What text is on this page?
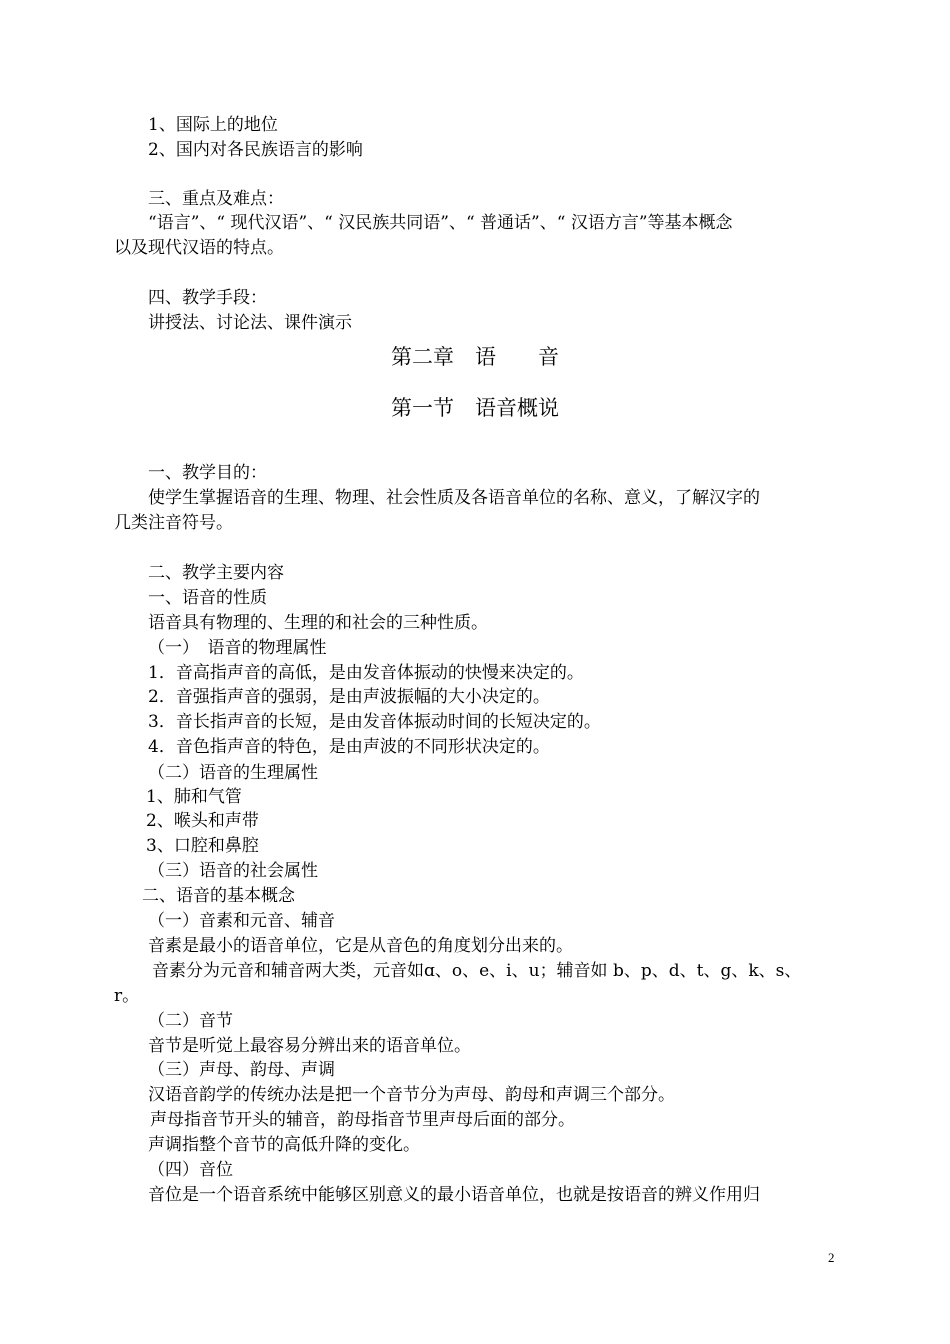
1、国际上的地位
2、国内对各民族语言的影响
三、重点及难点：
“语言”、“ 现代汉语”、“ 汉民族共同语”、“ 普通话”、“ 汉语方言”等基本概念
以及现代汉语的特点。
四、教学手段：
讲授法、讨论法、课件演示
第二章　语　　音
第一节　语音概说
一、教学目的：
使学生掌握语音的生理、物理、社会性质及各语音单位的名称、意义，了解汉字的
几类注音符号。
二、教学主要内容
一、语音的性质
语音具有物理的、生理的和社会的三种性质。
（一）　语音的物理属性
1．音高指声音的高低，是由发音体振动的快慢来决定的。
2．音强指声音的强弱，是由声波振幅的大小决定的。
3．音长指声音的长短，是由发音体振动时间的长短决定的。
4．音色指声音的特色，是由声波的不同形状决定的。
（二）语音的生理属性
1、肺和气管
2、喉头和声带
3、口腔和鼻腔
（三）语音的社会属性
二、语音的基本概念
（一）音素和元音、辅音
音素是最小的语音单位，它是从音色的角度划分出来的。
音素分为元音和辅音两大类，元音如ɑ、o、e、i、u；辅音如 b、p、d、t、g、k、s、
r。
（二）音节
音节是听觉上最容易分辨出来的语音单位。
（三）声母、韵母、声调
汉语音韵学的传统办法是把一个音节分为声母、韵母和声调三个部分。
声母指音节开头的辅音，韵母指音节里声母后面的部分。
声调指整个音节的高低升降的变化。
（四）音位
音位是一个语音系统中能够区别意义的最小语音单位，也就是按语音的辨义作用归
2
